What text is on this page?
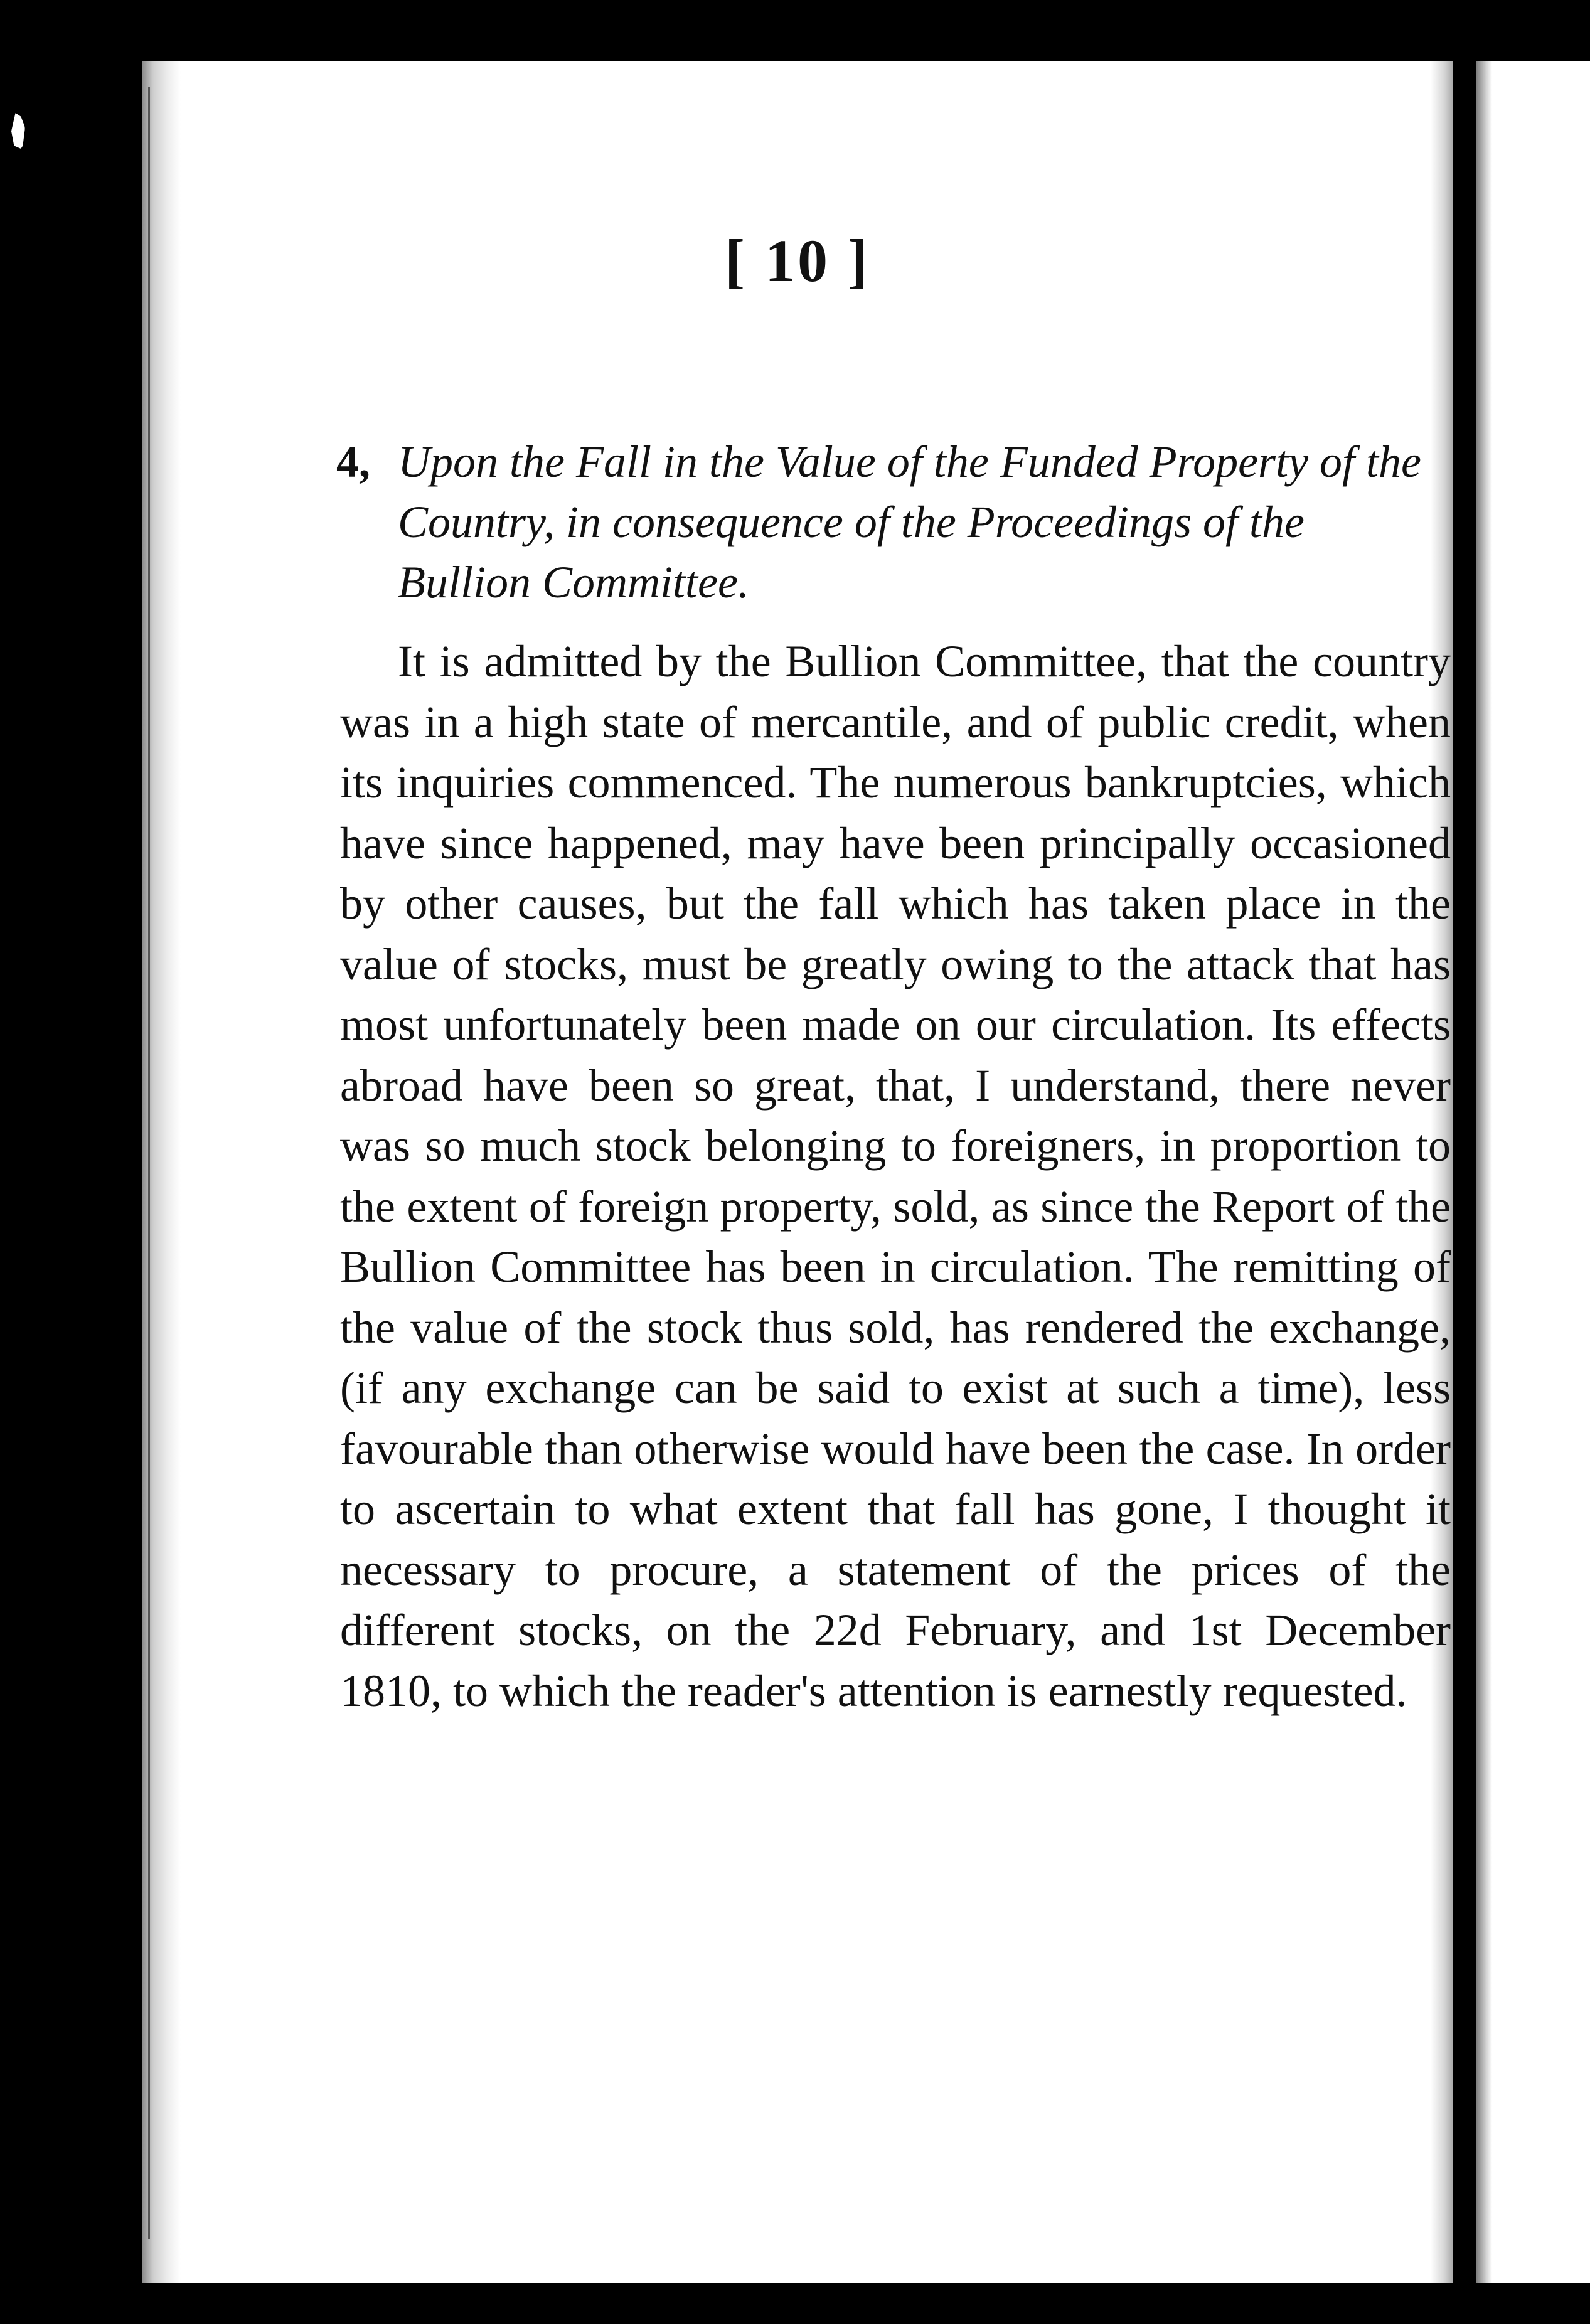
[ 10 ]
4, Upon the Fall in the Value of the Funded Property of the Country, in consequence of the Proceedings of the Bullion Committee.
It is admitted by the Bullion Committee, that the country was in a high state of mercantile, and of public credit, when its inquiries commenced. The numerous bankruptcies, which have since happened, may have been principally occasioned by other causes, but the fall which has taken place in the value of stocks, must be greatly owing to the attack that has most unfortunately been made on our circulation. Its effects abroad have been so great, that, I understand, there never was so much stock belonging to foreigners, in proportion to the extent of foreign property, sold, as since the Report of the Bullion Committee has been in circulation. The remitting of the value of the stock thus sold, has rendered the exchange, (if any exchange can be said to exist at such a time), less favourable than otherwise would have been the case. In order to ascertain to what extent that fall has gone, I thought it necessary to procure, a statement of the prices of the different stocks, on the 22d February, and 1st December 1810, to which the reader's attention is earnestly requested.
